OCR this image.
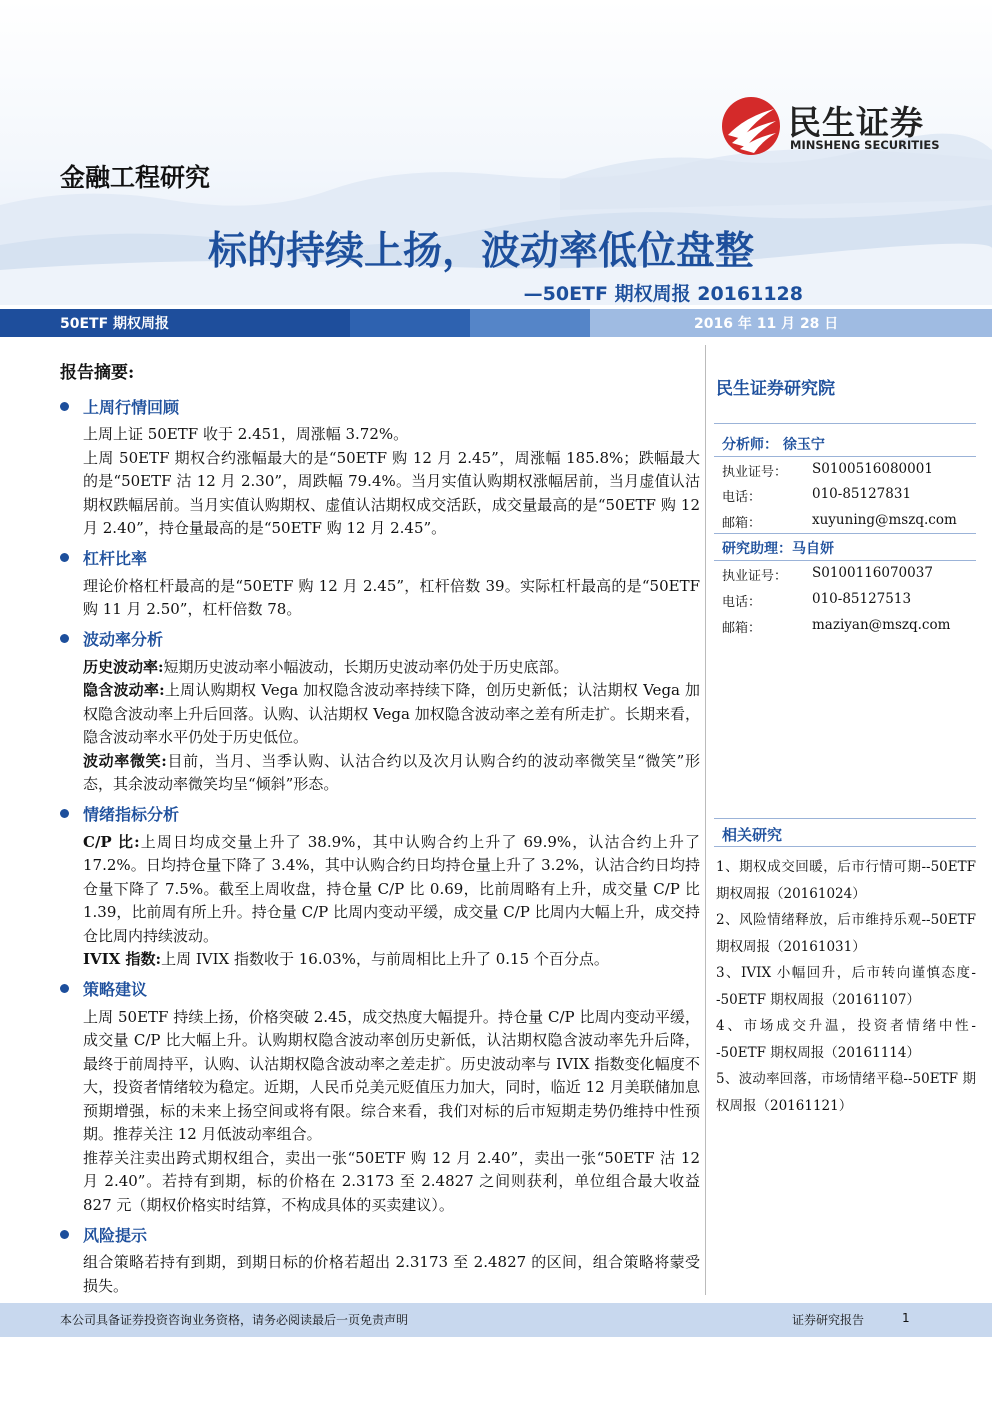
金融工程研究
民生证券
MINSHENG SECURITIES
标的持续上扬，波动率低位盘整
—50ETF 期权周报 20161128
50ETF 期权周报	2016 年 11 月 28 日
报告摘要:
上周行情回顾

上周上证 50ETF 收于 2.451，周涨幅 3.72%。

上周 50ETF 期权合约涨幅最大的是“50ETF 购 12 月 2.45”，周涨幅 185.8%；跌幅最大的是“50ETF 沽 12 月 2.30”，周跌幅 79.4%。当月实值认购期权涨幅居前，当月虚值认沽期权跌幅居前。当月实值认购期权、虚值认沽期权成交活跃，成交量最高的是“50ETF 购 12 月 2.40”，持仓量最高的是“50ETF 购 12 月 2.45”。

杠杆比率

理论价格杠杆最高的是“50ETF 购 12 月 2.45”，杠杆倍数 39。实际杠杆最高的是“50ETF 购 11 月 2.50”，杠杆倍数 78。

波动率分析

历史波动率:短期历史波动率小幅波动，长期历史波动率仍处于历史底部。

隐含波动率:上周认购期权 Vega 加权隐含波动率持续下降，创历史新低；认沽期权 Vega 加权隐含波动率上升后回落。认购、认沽期权 Vega 加权隐含波动率之差有所走扩。长期来看，隐含波动率水平仍处于历史低位。

波动率微笑:目前，当月、当季认购、认沽合约以及次月认购合约的波动率微笑呈“微笑”形态，其余波动率微笑均呈“倾斜”形态。

情绪指标分析

C/P 比:上周日均成交量上升了 38.9%，其中认购合约上升了 69.9%，认沽合约上升了 17.2%。日均持仓量下降了 3.4%，其中认购合约日均持仓量上升了 3.2%，认沽合约日均持仓量下降了 7.5%。截至上周收盘，持仓量 C/P 比 0.69，比前周略有上升，成交量 C/P 比 1.39，比前周有所上升。持仓量 C/P 比周内变动平缓，成交量 C/P 比周内大幅上升，成交持仓比周内持续波动。

IVIX 指数:上周 IVIX 指数收于 16.03%，与前周相比上升了 0.15 个百分点。

策略建议

上周 50ETF 持续上扬，价格突破 2.45，成交热度大幅提升。持仓量 C/P 比周内变动平缓，成交量 C/P 比大幅上升。认购期权隐含波动率创历史新低，认沽期权隐含波动率先升后降，最终于前周持平，认购、认沽期权隐含波动率之差走扩。历史波动率与 IVIX 指数变化幅度不大，投资者情绪较为稳定。近期，人民币兑美元贬值压力加大，同时，临近 12 月美联储加息预期增强，标的未来上扬空间或将有限。综合来看，我们对标的后市短期走势仍维持中性预期。推荐关注 12 月低波动率组合。

推荐关注卖出跨式期权组合，卖出一张“50ETF 购 12 月 2.40”，卖出一张“50ETF 沽 12 月 2.40”。若持有到期，标的价格在 2.3173 至 2.4827 之间则获利，单位组合最大收益 827 元（期权价格实时结算，不构成具体的买卖建议）。

风险提示

组合策略若持有到期，到期日标的价格若超出 2.3173 至 2.4827 的区间，组合策略将蒙受损失。

民生证券研究院
分析师： 徐玉宁
执业证号： S0100516080001
电话：	010-85127831
邮箱：	xuyuning@mszq.com
研究助理：马自妍
执业证号： S0100116070037
电话：	010-85127513
邮箱：	maziyan@mszq.com
相关研究

1、期权成交回暖，后市行情可期--50ETF 期权周报（20161024）

2、风险情绪释放，后市维持乐观--50ETF 期权周报（20161031）

3、IVIX 小幅回升，后市转向谨慎态度--50ETF 期权周报（20161107）

4、市场成交升温，投资者情绪中性--50ETF 期权周报（20161114）

5、波动率回落，市场情绪平稳--50ETF 期权周报（20161121）

本公司具备证券投资咨询业务资格，请务必阅读最后一页免责声明	证券研究报告	1
